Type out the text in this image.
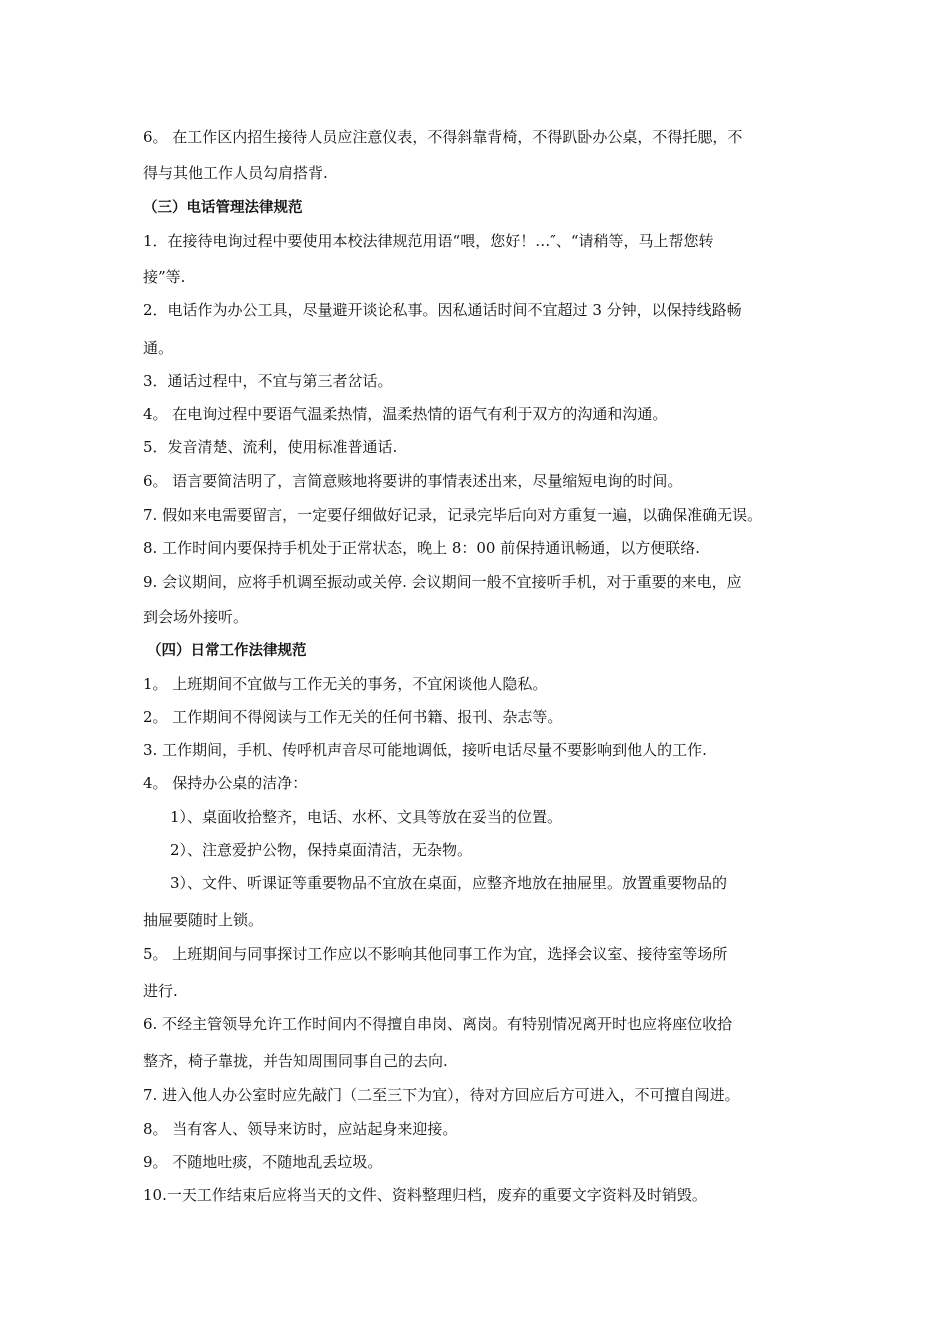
6。 在工作区内招生接待人员应注意仪表，不得斜靠背椅，不得趴卧办公桌，不得托腮，不
得与其他工作人员勾肩搭背.
（三）电话管理法律规范
1．在接待电询过程中要使用本校法律规范用语“喂，您好！…″、“请稍等，马上帮您转
接”等.
2．电话作为办公工具，尽量避开谈论私事。因私通话时间不宜超过 3 分钟，以保持线路畅
通。
3．通话过程中，不宜与第三者岔话。
4。 在电询过程中要语气温柔热情，温柔热情的语气有利于双方的沟通和沟通。
5．发音清楚、流利，使用标准普通话.
6。 语言要简洁明了，言简意赅地将要讲的事情表述出来，尽量缩短电询的时间。
7. 假如来电需要留言，一定要仔细做好记录，记录完毕后向对方重复一遍，以确保准确无误。
8. 工作时间内要保持手机处于正常状态，晚上 8：00 前保持通讯畅通，以方便联络.
9. 会议期间，应将手机调至振动或关停. 会议期间一般不宜接听手机，对于重要的来电，应
到会场外接听。
（四）日常工作法律规范
1。 上班期间不宜做与工作无关的事务，不宜闲谈他人隐私。
2。 工作期间不得阅读与工作无关的任何书籍、报刊、杂志等。
3. 工作期间，手机、传呼机声音尽可能地调低，接听电话尽量不要影响到他人的工作.
4。 保持办公桌的洁净：
1）、桌面收拾整齐，电话、水杯、文具等放在妥当的位置。
2）、注意爱护公物，保持桌面清洁，无杂物。
3）、文件、听课证等重要物品不宜放在桌面，应整齐地放在抽屉里。放置重要物品的
抽屉要随时上锁。
5。 上班期间与同事探讨工作应以不影响其他同事工作为宜，选择会议室、接待室等场所
进行.
6. 不经主管领导允许工作时间内不得擅自串岗、离岗。有特别情况离开时也应将座位收拾
整齐，椅子靠拢，并告知周围同事自己的去向.
7. 进入他人办公室时应先敲门（二至三下为宜），待对方回应后方可进入，不可擅自闯进。
8。 当有客人、领导来访时，应站起身来迎接。
9。 不随地吐痰，不随地乱丢垃圾。
10.一天工作结束后应将当天的文件、资料整理归档，废弃的重要文字资料及时销毁。
